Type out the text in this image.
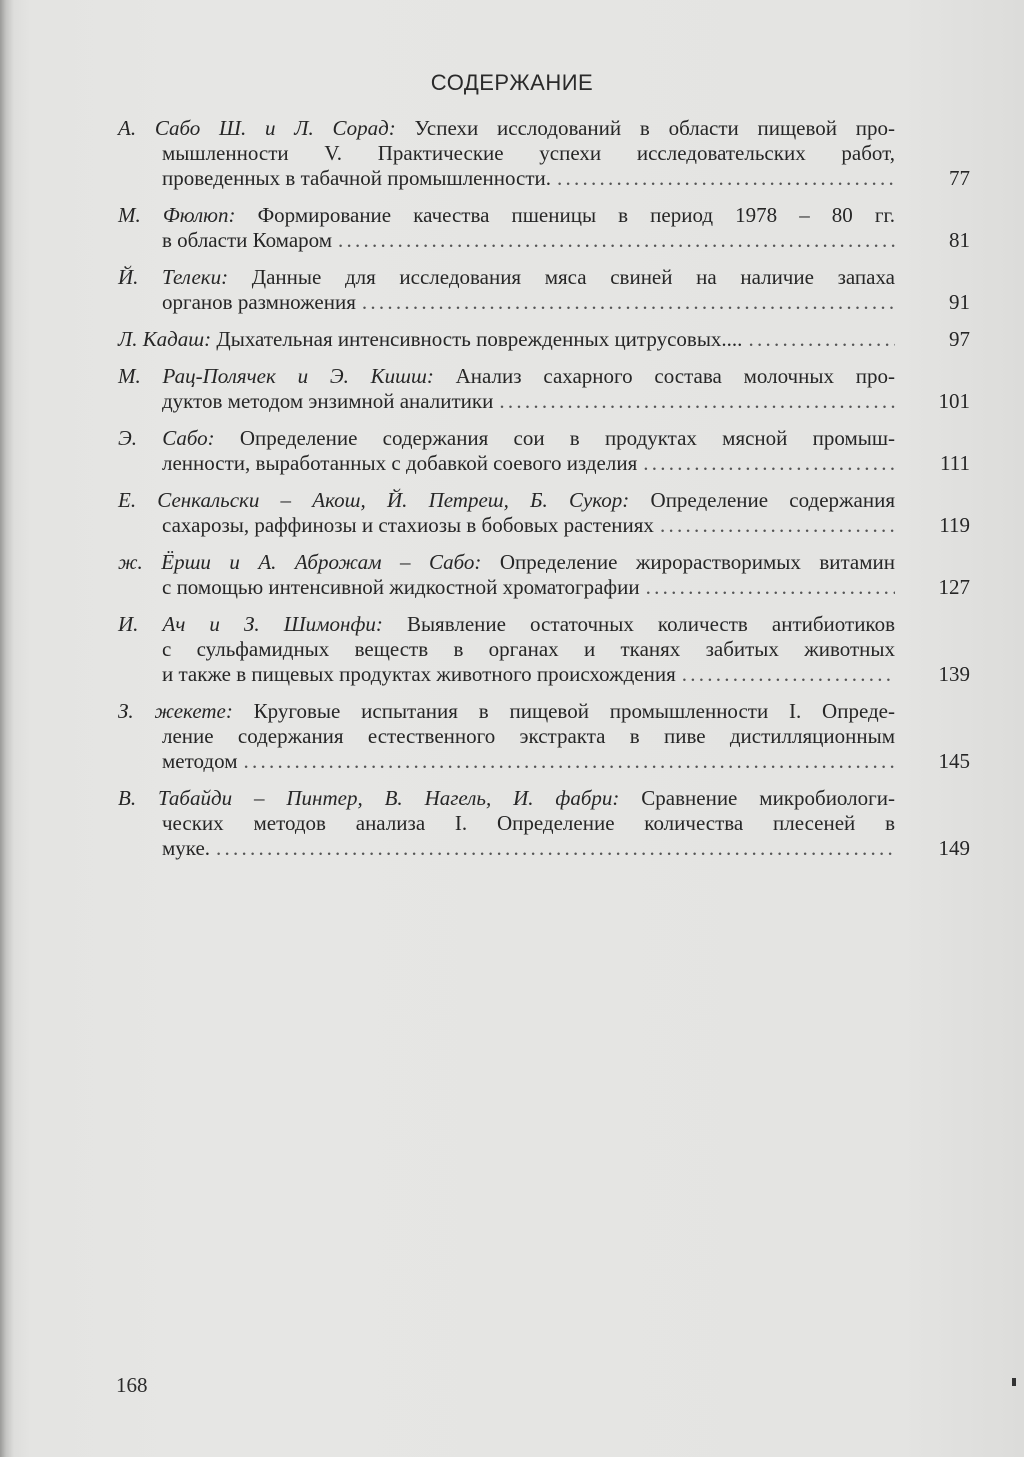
СОДЕРЖАНИЕ
А. Сабо Ш. и Л. Сорад: Успехи исслодований в области пищевой про-
мышленности V. Практические успехи исследовательских работ,
проведенных в табачной промышленности. . . .	77
М. Фюлюп: Формирование качества пшеницы в период 1978 – 80 гг.
в области Комаром . . .	81
Й. Телеки: Данные для исследования мяса свиней на наличие запаха
органов размножения . . .	91
Л. Кадаш: Дыхательная интенсивность поврежденных цитрусовых.... . . .	97
М. Рац-Полячек и Э. Кишш: Анализ сахарного состава молочных про-
дуктов методом энзимной аналитики . . .	101
Э. Сабо: Определение содержания сои в продуктах мясной промыш-
ленности, выработанных с добавкой соевого изделия . . .	111
Е. Сенкальски – Акош, Й. Петреш, Б. Сукор: Определение содержания
сахарозы, раффинозы и стахиозы в бобовых растениях . . .	119
ж. Ёрши и А. Аброжам – Сабо: Определение жирорастворимых витамин
с помощью интенсивной жидкостной хроматографии . . .	127
И. Ач и З. Шимонфи: Выявление остаточных количеств антибиотиков
с сульфамидных веществ в органах и тканях забитых животных
и также в пищевых продуктах животного происхождения . . .	139
З. жекете: Круговые испытания в пищевой промышленности I. Опреде-
ление содержания естественного экстракта в пиве дистилляционным
методом . . .	145
В. Табайди – Пинтер, В. Нагель, И. фабри: Сравнение микробиологи-
ческих методов анализа I. Определение количества плесеней в
муке. . . .	149
168
